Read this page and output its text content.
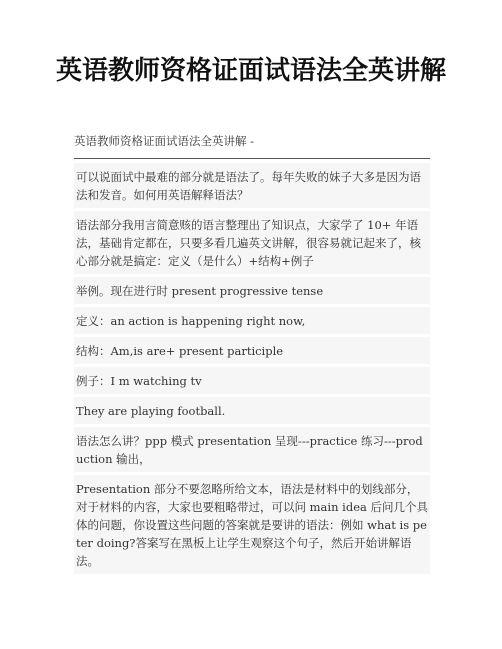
英语教师资格证面试语法全英讲解
英语教师资格证面试语法全英讲解 -
可以说面试中最难的部分就是语法了。每年失败的妹子大多是因为语法和发音。如何用英语解释语法？
语法部分我用言简意赅的语言整理出了知识点，大家学了 10+ 年语法，基础肯定都在，只要多看几遍英文讲解，很容易就记起来了，核心部分就是搞定：定义（是什么）+结构+例子
举例。现在进行时 present progressive tense
定义：an action is happening right now,
结构：Am,is are+ present participle
例子：I m watching tv
They are playing football.
语法怎么讲？ppp 模式 presentation 呈现---practice 练习---production 输出，
Presentation 部分不要忽略所给文本，语法是材料中的划线部分，对于材料的内容，大家也要粗略带过，可以问 main idea 后问几个具体的问题，你设置这些问题的答案就是要讲的语法：例如 what is peter doing?答案写在黑板上让学生观察这个句子，然后开始讲解语法。
